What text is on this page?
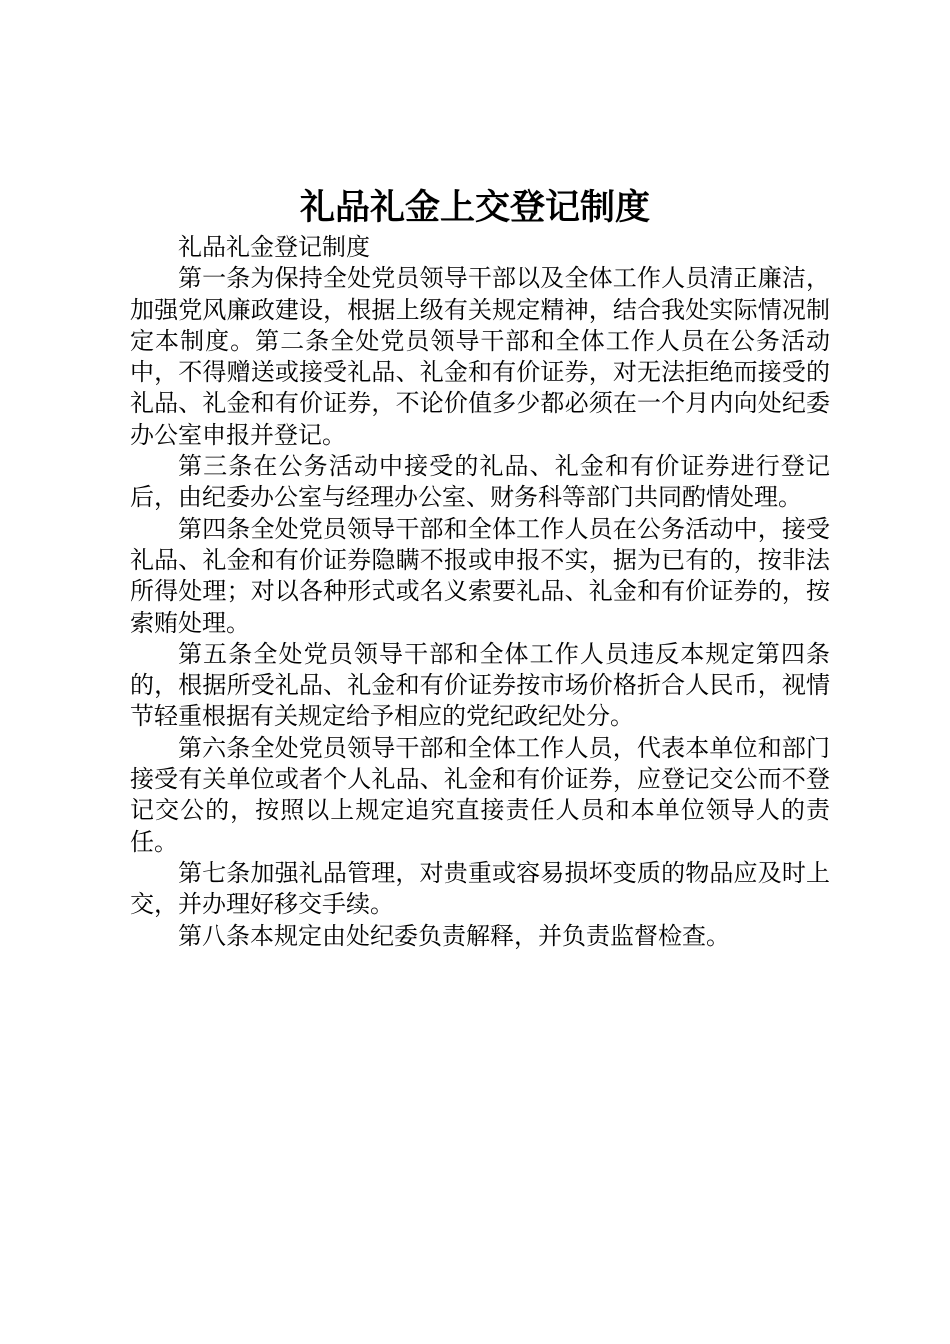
礼品礼金上交登记制度

礼品礼金登记制度

第一条为保持全处党员领导干部以及全体工作人员清正廉洁，加强党风廉政建设，根据上级有关规定精神，结合我处实际情况制定本制度。第二条全处党员领导干部和全体工作人员在公务活动中，不得赠送或接受礼品、礼金和有价证券，对无法拒绝而接受的礼品、礼金和有价证券，不论价值多少都必须在一个月内向处纪委办公室申报并登记。

第三条在公务活动中接受的礼品、礼金和有价证券进行登记后，由纪委办公室与经理办公室、财务科等部门共同酌情处理。

第四条全处党员领导干部和全体工作人员在公务活动中，接受礼品、礼金和有价证券隐瞒不报或申报不实，据为已有的，按非法所得处理；对以各种形式或名义索要礼品、礼金和有价证券的，按索贿处理。

第五条全处党员领导干部和全体工作人员违反本规定第四条的，根据所受礼品、礼金和有价证券按市场价格折合人民币，视情节轻重根据有关规定给予相应的党纪政纪处分。

第六条全处党员领导干部和全体工作人员，代表本单位和部门接受有关单位或者个人礼品、礼金和有价证券，应登记交公而不登记交公的，按照以上规定追究直接责任人员和本单位领导人的责任。

第七条加强礼品管理，对贵重或容易损坏变质的物品应及时上交，并办理好移交手续。

第八条本规定由处纪委负责解释，并负责监督检查。
